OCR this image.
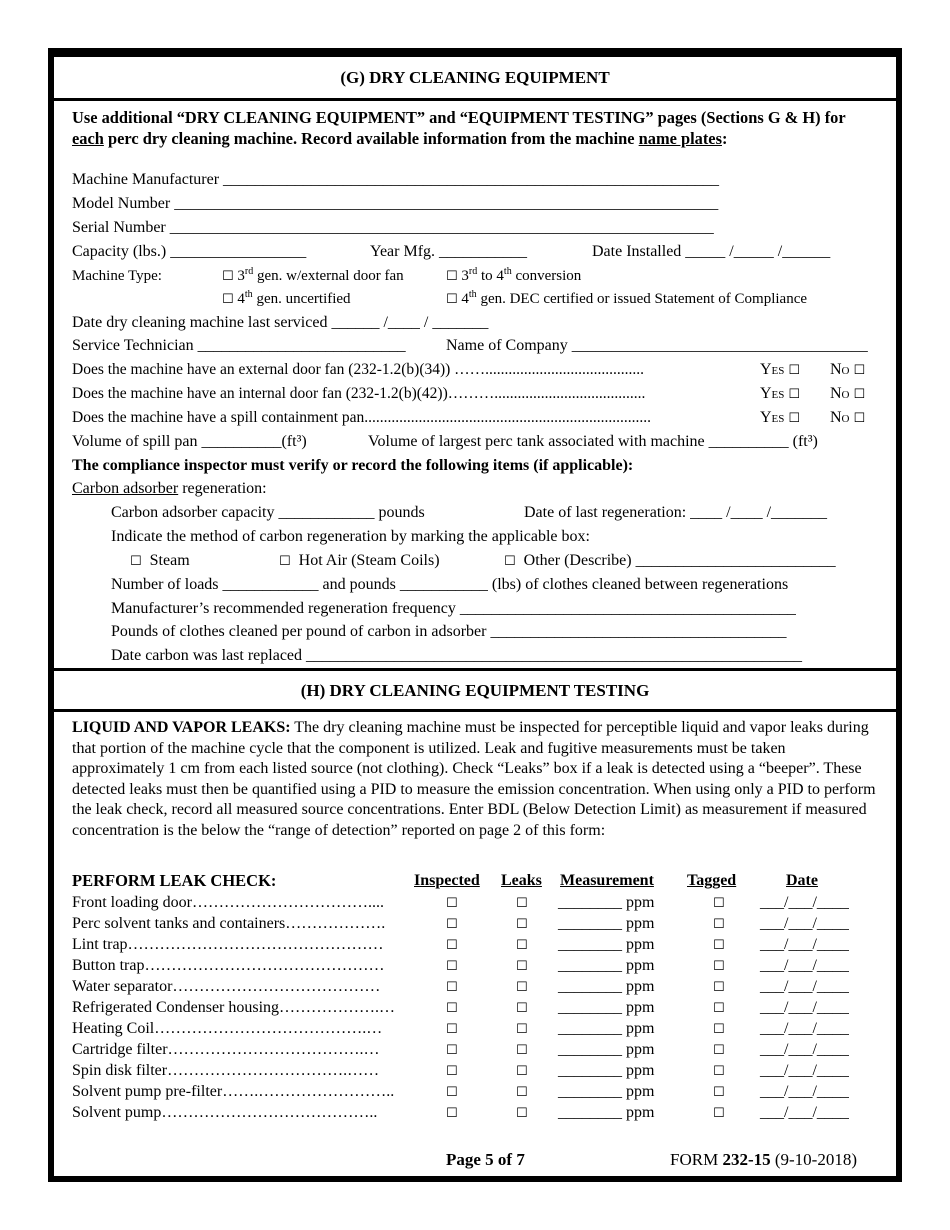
(G) DRY CLEANING EQUIPMENT
Use additional “DRY CLEANING EQUIPMENT” and “EQUIPMENT TESTING” pages (Sections G & H) for each perc dry cleaning machine. Record available information from the machine name plates:
Machine Manufacturer ______________________________________________________________
Model Number ____________________________________________________________________
Serial Number ____________________________________________________________________
Capacity (lbs.) _________________	Year Mfg. ___________	Date Installed _____ /_____ /______
Machine Type:	☐ 3rd gen. w/external door fan	☐ 3rd to 4th conversion
☐ 4th gen. uncertified	☐ 4th gen. DEC certified or issued Statement of Compliance
Date dry cleaning machine last serviced ______ /____ / _______
Service Technician __________________________	Name of Company _____________________________________
Does the machine have an external door fan (232-1.2(b)(34)) …….........................................	Yes ☐ No ☐
Does the machine have an internal door fan (232-1.2(b)(42))……….......................................	Yes ☐ No ☐
Does the machine have a spill containment pan..........................................................................	Yes ☐ No ☐
Volume of spill pan __________(ft³)	Volume of largest perc tank associated with machine __________ (ft³)
The compliance inspector must verify or record the following items (if applicable):
Carbon adsorber regeneration:
Carbon adsorber capacity ____________ pounds	Date of last regeneration: ____ /____ /_______
Indicate the method of carbon regeneration by marking the applicable box:
☐ Steam	☐ Hot Air (Steam Coils)	☐ Other (Describe) _________________________
Number of loads ____________ and pounds ___________ (lbs) of clothes cleaned between regenerations
Manufacturer’s recommended regeneration frequency __________________________________________
Pounds of clothes cleaned per pound of carbon in adsorber _____________________________________
Date carbon was last replaced ______________________________________________________________
(H) DRY CLEANING EQUIPMENT TESTING
LIQUID AND VAPOR LEAKS: The dry cleaning machine must be inspected for perceptible liquid and vapor leaks during that portion of the machine cycle that the component is utilized. Leak and fugitive measurements must be taken approximately 1 cm from each listed source (not clothing). Check “Leaks” box if a leak is detected using a “beeper”. These detected leaks must then be quantified using a PID to measure the emission concentration. When using only a PID to perform the leak check, record all measured source concentrations. Enter BDL (Below Detection Limit) as measurement if measured concentration is the below the “range of detection” reported on page 2 of this form:
PERFORM LEAK CHECK:	Inspected Leaks Measurement Tagged	Date
Front loading door……………………………....	☐	☐ ________ ppm	☐ ___/___/____
Perc solvent tanks and containers……………….	☐	☐ ________ ppm	☐ ___/___/____
Lint trap…………………………………………	☐	☐ ________ ppm	☐ ___/___/____
Button trap………………………………………	☐	☐ ________ ppm	☐ ___/___/____
Water separator…………………………………	☐	☐ ________ ppm	☐ ___/___/____
Refrigerated Condenser housing……………….…	☐	☐ ________ ppm	☐ ___/___/____
Heating Coil………………………………….…	☐	☐ ________ ppm	☐ ___/___/____
Cartridge filter……………………………….…	☐	☐ ________ ppm	☐ ___/___/____
Spin disk filter…………………………….……	☐	☐ ________ ppm	☐ ___/___/____
Solvent pump pre-filter…….……………………..	☐	☐ ________ ppm	☐ ___/___/____
Solvent pump…………………………………..	☐	☐ ________ ppm	☐ ___/___/____
Page 5 of 7	FORM 232-15 (9-10-2018)
